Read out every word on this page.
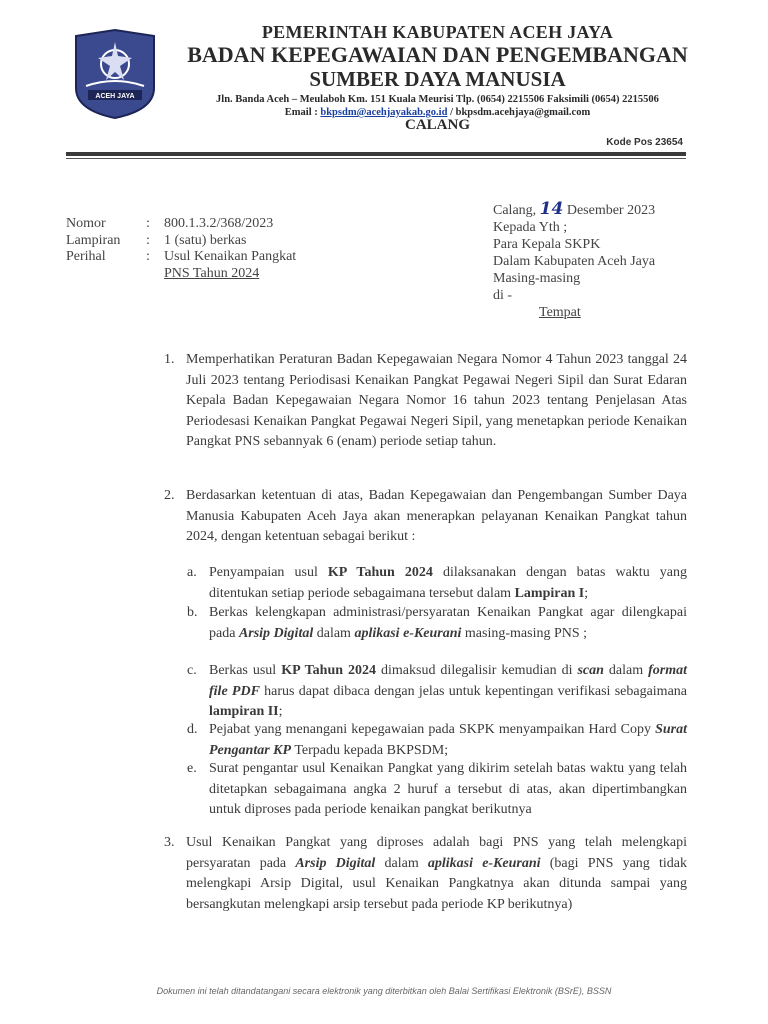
ACEH JAYA
PEMERINTAH KABUPATEN ACEH JAYA
BADAN KEPEGAWAIAN DAN PENGEMBANGAN
SUMBER DAYA MANUSIA
Jln. Banda Aceh – Meulaboh Km. 151 Kuala Meurisi Tlp. (0654) 2215506 Faksimili (0654) 2215506
Email : bkpsdm@acehjayakab.go.id / bkpsdm.acehjaya@gmail.com
CALANG
Kode Pos 23654
Nomor	:	800.1.3.2/368/2023
Lampiran	:	1 (satu) berkas
Perihal	:	Usul Kenaikan Pangkat
PNS Tahun 2024
Calang, 14 Desember 2023
Kepada Yth ;
Para Kepala SKPK
Dalam Kabupaten Aceh Jaya
Masing-masing
di -
Tempat
1. Memperhatikan Peraturan Badan Kepegawaian Negara Nomor 4 Tahun 2023 tanggal 24 Juli 2023 tentang Periodisasi Kenaikan Pangkat Pegawai Negeri Sipil dan Surat Edaran Kepala Badan Kepegawaian Negara Nomor 16 tahun 2023 tentang Penjelasan Atas Periodesasi Kenaikan Pangkat Pegawai Negeri Sipil, yang menetapkan periode Kenaikan Pangkat PNS sebannyak 6 (enam) periode setiap tahun.
2. Berdasarkan ketentuan di atas, Badan Kepegawaian dan Pengembangan Sumber Daya Manusia Kabupaten Aceh Jaya akan menerapkan pelayanan Kenaikan Pangkat tahun 2024, dengan ketentuan sebagai berikut :
a. Penyampaian usul KP Tahun 2024 dilaksanakan dengan batas waktu yang ditentukan setiap periode sebagaimana tersebut dalam Lampiran I;
b. Berkas kelengkapan administrasi/persyaratan Kenaikan Pangkat agar dilengkapai pada Arsip Digital dalam aplikasi e-Keurani masing-masing PNS ;
c. Berkas usul KP Tahun 2024 dimaksud dilegalisir kemudian di scan dalam format file PDF harus dapat dibaca dengan jelas untuk kepentingan verifikasi sebagaimana lampiran II;
d. Pejabat yang menangani kepegawaian pada SKPK menyampaikan Hard Copy Surat Pengantar KP Terpadu kepada BKPSDM;
e. Surat pengantar usul Kenaikan Pangkat yang dikirim setelah batas waktu yang telah ditetapkan sebagaimana angka 2 huruf a tersebut di atas, akan dipertimbangkan untuk diproses pada periode kenaikan pangkat berikutnya
3. Usul Kenaikan Pangkat yang diproses adalah bagi PNS yang telah melengkapi persyaratan pada Arsip Digital dalam aplikasi e-Keurani (bagi PNS yang tidak melengkapi Arsip Digital, usul Kenaikan Pangkatnya akan ditunda sampai yang bersangkutan melengkapi arsip tersebut pada periode KP berikutnya)
Dokumen ini telah ditandatangani secara elektronik yang diterbitkan oleh Balai Sertifikasi Elektronik (BSrE), BSSN
